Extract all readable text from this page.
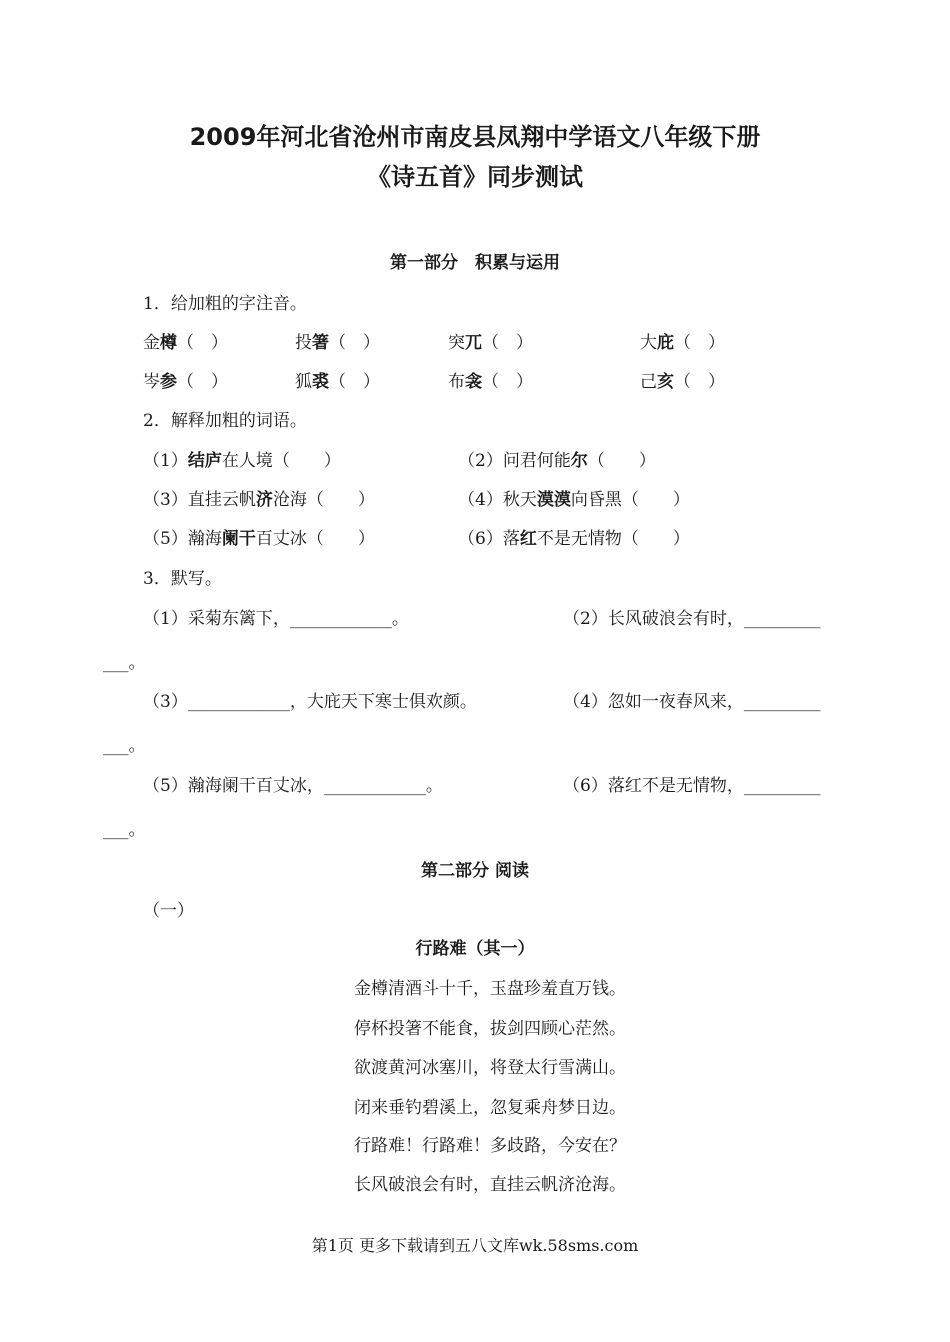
2009年河北省沧州市南皮县凤翔中学语文八年级下册
《诗五首》同步测试
第一部分　积累与运用
1．给加粗的字注音。
金樽（　）	投箸（　）	突兀（　）	大庇（　）
岑参（　）	狐裘（　）	布衾（　）	己亥（　）
2．解释加粗的词语。
（1）结庐在人境（　　）	（2）问君何能尔（　　）
（3）直挂云帆济沧海（　　）	（4）秋天漠漠向昏黑（　　）
（5）瀚海阑干百丈冰（　　）	（6）落红不是无情物（　　）
3．默写。
（1）采菊东篱下，____________。	（2）长风破浪会有时，_________
___。
（3）____________，大庇天下寒士俱欢颜。	（4）忽如一夜春风来，_________
___。
（5）瀚海阑干百丈冰，____________。	（6）落红不是无情物，_________
___。
第二部分 阅读
（一）
行路难（其一）
金樽清酒斗十千，玉盘珍羞直万钱。
停杯投箸不能食，拔剑四顾心茫然。
欲渡黄河冰塞川，将登太行雪满山。
闭来垂钓碧溪上，忽复乘舟梦日边。
行路难！行路难！多歧路，今安在？
长风破浪会有时，直挂云帆济沧海。
第1页 更多下载请到五八文库wk.58sms.com
